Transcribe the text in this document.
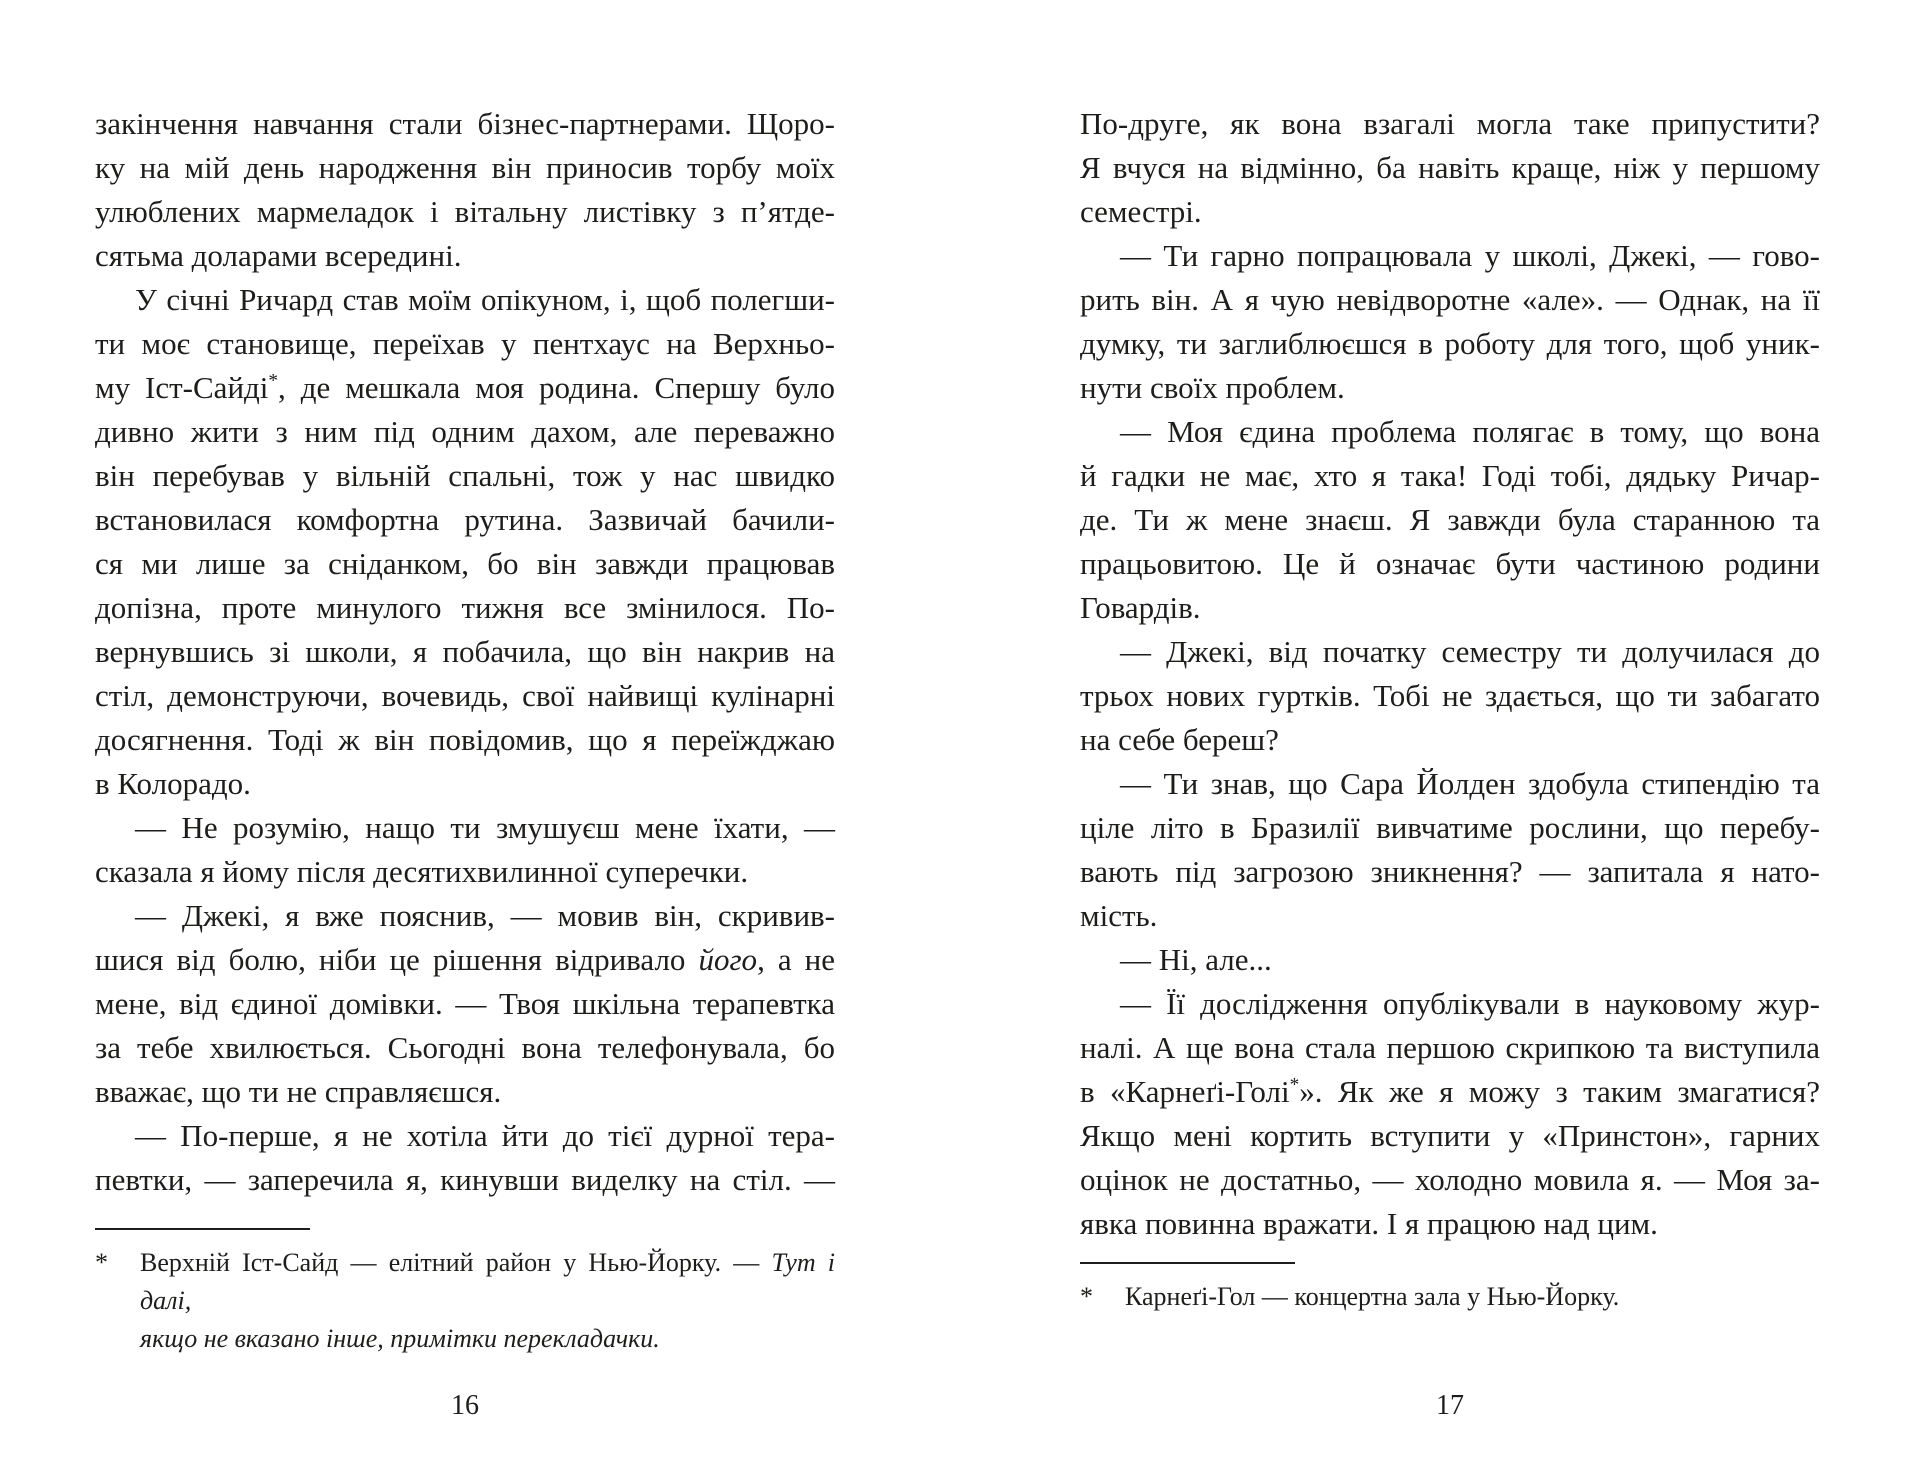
закінчення навчання стали бізнес-партнерами. Щоро-
ку на мій день народження він приносив торбу моїх
улюблених мармеладок і вітальну листівку з п’ятде-
сятьма доларами всередині.
У січні Ричард став моїм опікуном, і, щоб полегши-
ти моє становище, переїхав у пентхаус на Верхньо-
му Іст-Сайді*, де мешкала моя родина. Спершу було
дивно жити з ним під одним дахом, але переважно
він перебував у вільній спальні, тож у нас швидко
встановилася комфортна рутина. Зазвичай бачили-
ся ми лише за сніданком, бо він завжди працював
допізна, проте минулого тижня все змінилося. По-
вернувшись зі школи, я побачила, що він накрив на
стіл, демонструючи, вочевидь, свої найвищі кулінарні
досягнення. Тоді ж він повідомив, що я переїжджаю
в Колорадо.
— Не розумію, нащо ти змушуєш мене їхати, —
сказала я йому після десятихвилинної суперечки.
— Джекі, я вже пояснив, — мовив він, скривив-
шися від болю, ніби це рішення відривало його, а не
мене, від єдиної домівки. — Твоя шкільна терапевтка
за тебе хвилюється. Сьогодні вона телефонувала, бо
вважає, що ти не справляєшся.
— По-перше, я не хотіла йти до тієї дурної тера-
певтки, — заперечила я, кинувши виделку на стіл. —
*	Верхній Іст-Сайд — елітний район у Нью-Йорку. — Тут і далі,
якщо не вказано інше, примітки перекладачки.
16
По-друге, як вона взагалі могла таке припустити?
Я вчуся на відмінно, ба навіть краще, ніж у першому
семестрі.
— Ти гарно попрацювала у школі, Джекі, — гово-
рить він. А я чую невідворотне «але». — Однак, на її
думку, ти заглиблюєшся в роботу для того, щоб уник-
нути своїх проблем.
— Моя єдина проблема полягає в тому, що вона
й гадки не має, хто я така! Годі тобі, дядьку Ричар-
де. Ти ж мене знаєш. Я завжди була старанною та
працьовитою. Це й означає бути частиною родини
Говардів.
— Джекі, від початку семестру ти долучилася до
трьох нових гуртків. Тобі не здається, що ти забагато
на себе береш?
— Ти знав, що Сара Йолден здобула стипендію та
ціле літо в Бразилії вивчатиме рослини, що перебу-
вають під загрозою зникнення? — запитала я нато-
мість.
— Ні, але...
— Її дослідження опублікували в науковому жур-
налі. А ще вона стала першою скрипкою та виступила
в «Карнеґі-Голі*». Як же я можу з таким змагатися?
Якщо мені кортить вступити у «Принстон», гарних
оцінок не достатньо, — холодно мовила я. — Моя за-
явка повинна вражати. І я працюю над цим.
*	Карнеґі-Гол — концертна зала у Нью-Йорку.
17
